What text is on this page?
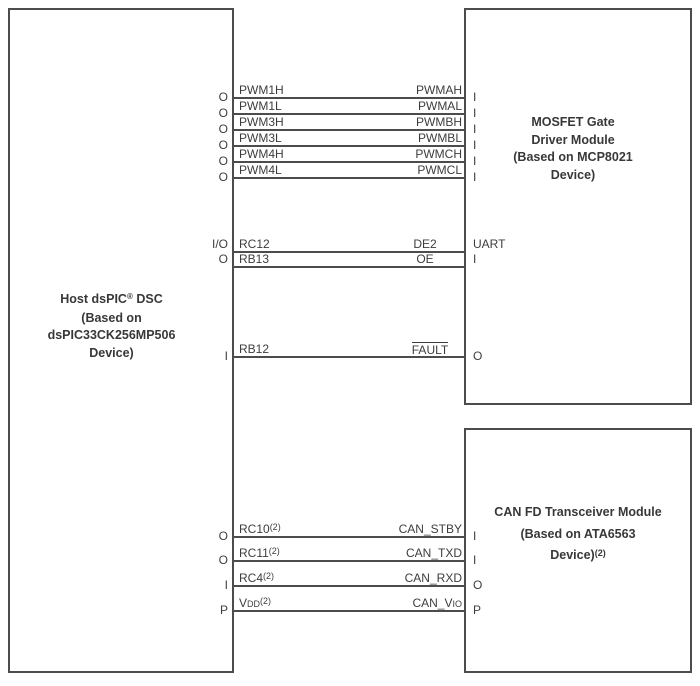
Host dsPIC® DSC
(Based on
dsPIC33CK256MP506
Device)
MOSFET Gate
Driver Module
(Based on MCP8021
Device)
CAN FD Transceiver Module
(Based on ATA6563
Device)$^{(2)}$
O PWM1H	PWMAH I
O PWM1L	PWMAL I
O PWM3H	PWMBH I
O PWM3L	PWMBL I
O PWM4H	PWMCH I
O PWM4L	PWMCL I
I/O RC12	DE2	UART
O RB13	OE	I
I RB12	FAULT	O
O RC10$^{(2)}$	CAN_STBY I
O RC11$^{(2)}$	CAN_TXD I
I RC4$^{(2)}$	CAN_RXD O
P VDD$^{(2)}$	CAN_VIO P
